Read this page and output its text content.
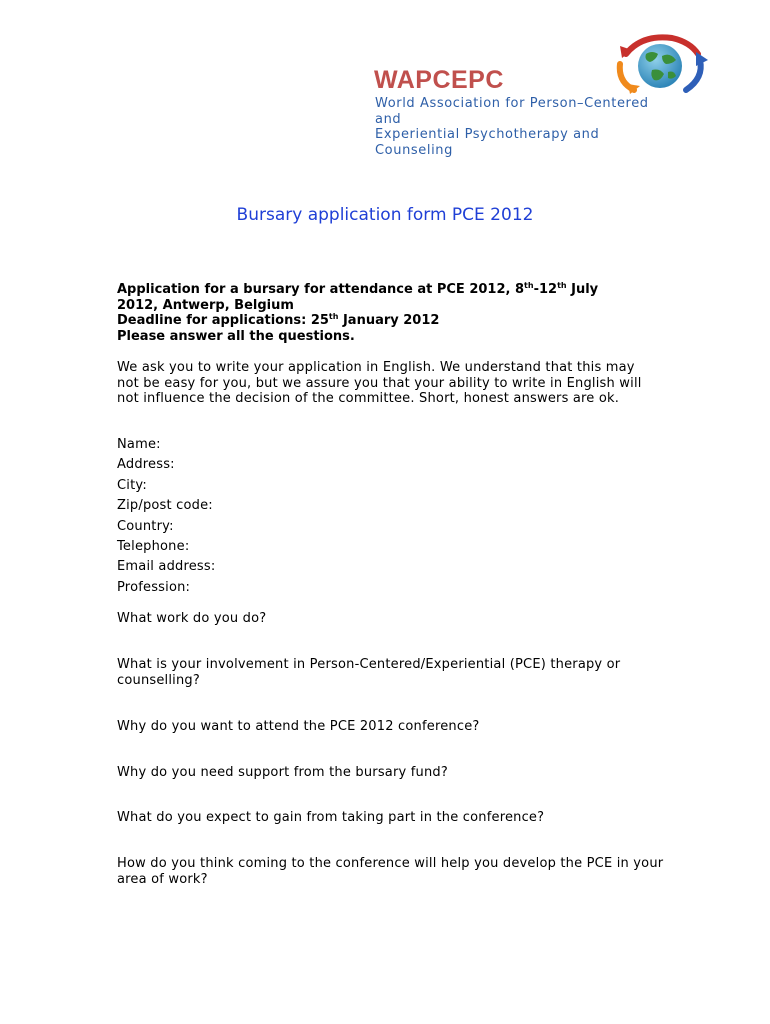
WAPCEPC
World Association for Person–Centered
and
Experiential Psychotherapy and
Counseling
Bursary application form PCE 2012
Application for a bursary for attendance at PCE 2012, 8th-12th July
2012, Antwerp, Belgium
Deadline for applications: 25th January 2012
Please answer all the questions.
We ask you to write your application in English. We understand that this may not be easy for you, but we assure you that your ability to write in English will not influence the decision of the committee. Short, honest answers are ok.
Name:
Address:
City:
Zip/post code:
Country:
Telephone:
Email address:
Profession:
What work do you do?
What is your involvement in Person-Centered/Experiential (PCE) therapy or counselling?
Why do you want to attend the PCE 2012 conference?
Why do you need support from the bursary fund?
What do you expect to gain from taking part in the conference?
How do you think coming to the conference will help you develop the PCE in your area of work?
